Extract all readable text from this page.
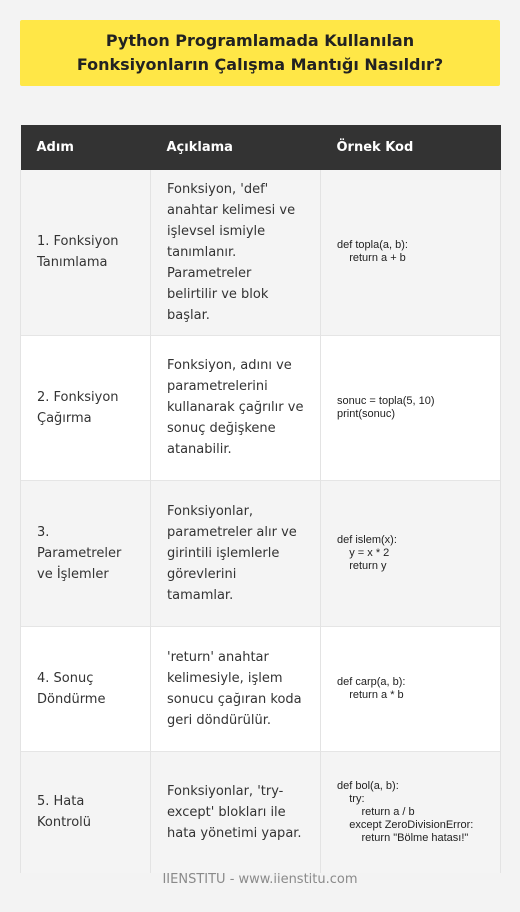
Python Programlamada Kullanılan Fonksiyonların Çalışma Mantığı Nasıldır?
Adım	Açıklama	Örnek Kod

1. Fonksiyon Tanımlama	Fonksiyon, 'def' anahtar kelimesi ve işlevsel ismiyle tanımlanır. Parametreler belirtilir ve blok başlar.	def topla(a, b):
return a + b

2. Fonksiyon Çağırma	Fonksiyon, adını ve parametrelerini kullanarak çağrılır ve sonuç değişkene atanabilir.	sonuc = topla(5, 10)
print(sonuc)

3. Parametreler ve İşlemler	Fonksiyonlar, parametreler alır ve girintili işlemlerle görevlerini tamamlar.	def islem(x):
y = x * 2
return y

4. Sonuç Döndürme	'return' anahtar kelimesiyle, işlem sonucu çağıran koda geri döndürülür.	def carp(a, b):
return a * b

5. Hata Kontrolü	Fonksiyonlar, 'try-except' blokları ile hata yönetimi yapar.	def bol(a, b):
try:
return a / b
except ZeroDivisionError:
return "Bölme hatası!"
IIENSTITU - www.iienstitu.com
